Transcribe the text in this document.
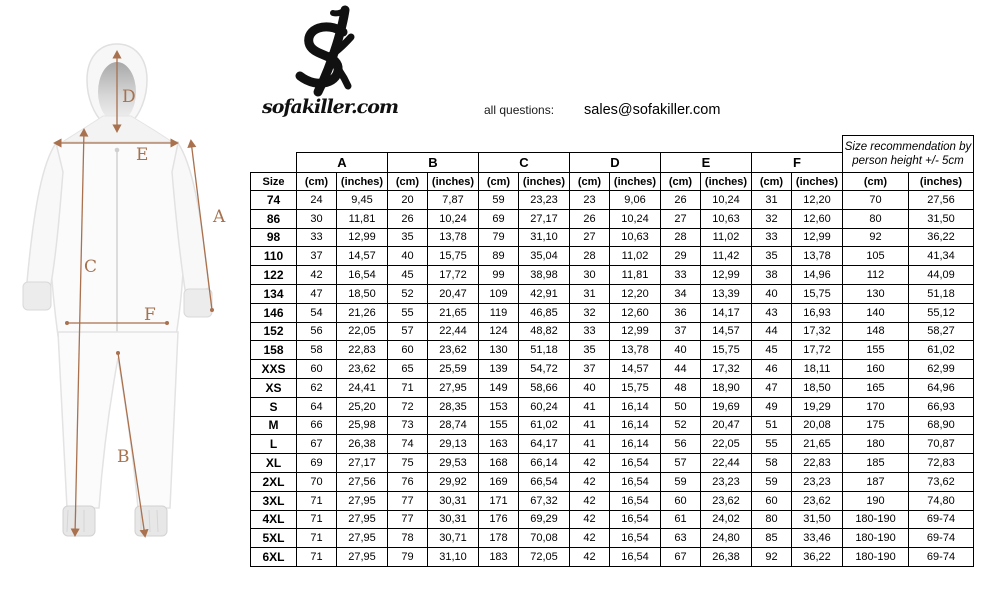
D
E
A
C
F
B
sofakiller.com	all questions: sales@sofakiller.com
	A		B		C		D		E		F		Size recommendation by
person height +/- 5cm	

Size	(cm)	(inches)	(cm)	(inches)	(cm)	(inches)	(cm)	(inches)	(cm)	(inches)	(cm)	(inches)	(cm)	(inches)
74	24	9,45	20	7,87	59	23,23	23	9,06	26	10,24	31	12,20	70	27,56
86	30	11,81	26	10,24	69	27,17	26	10,24	27	10,63	32	12,60	80	31,50
98	33	12,99	35	13,78	79	31,10	27	10,63	28	11,02	33	12,99	92	36,22
110	37	14,57	40	15,75	89	35,04	28	11,02	29	11,42	35	13,78	105	41,34
122	42	16,54	45	17,72	99	38,98	30	11,81	33	12,99	38	14,96	112	44,09
134	47	18,50	52	20,47	109	42,91	31	12,20	34	13,39	40	15,75	130	51,18
146	54	21,26	55	21,65	119	46,85	32	12,60	36	14,17	43	16,93	140	55,12
152	56	22,05	57	22,44	124	48,82	33	12,99	37	14,57	44	17,32	148	58,27
158	58	22,83	60	23,62	130	51,18	35	13,78	40	15,75	45	17,72	155	61,02
XXS	60	23,62	65	25,59	139	54,72	37	14,57	44	17,32	46	18,11	160	62,99
XS	62	24,41	71	27,95	149	58,66	40	15,75	48	18,90	47	18,50	165	64,96
S	64	25,20	72	28,35	153	60,24	41	16,14	50	19,69	49	19,29	170	66,93
M	66	25,98	73	28,74	155	61,02	41	16,14	52	20,47	51	20,08	175	68,90
L	67	26,38	74	29,13	163	64,17	41	16,14	56	22,05	55	21,65	180	70,87
XL	69	27,17	75	29,53	168	66,14	42	16,54	57	22,44	58	22,83	185	72,83
2XL	70	27,56	76	29,92	169	66,54	42	16,54	59	23,23	59	23,23	187	73,62
3XL	71	27,95	77	30,31	171	67,32	42	16,54	60	23,62	60	23,62	190	74,80
4XL	71	27,95	77	30,31	176	69,29	42	16,54	61	24,02	80	31,50	180-190	69-74
5XL	71	27,95	78	30,71	178	70,08	42	16,54	63	24,80	85	33,46	180-190	69-74
6XL	71	27,95	79	31,10	183	72,05	42	16,54	67	26,38	92	36,22	180-190	69-74
